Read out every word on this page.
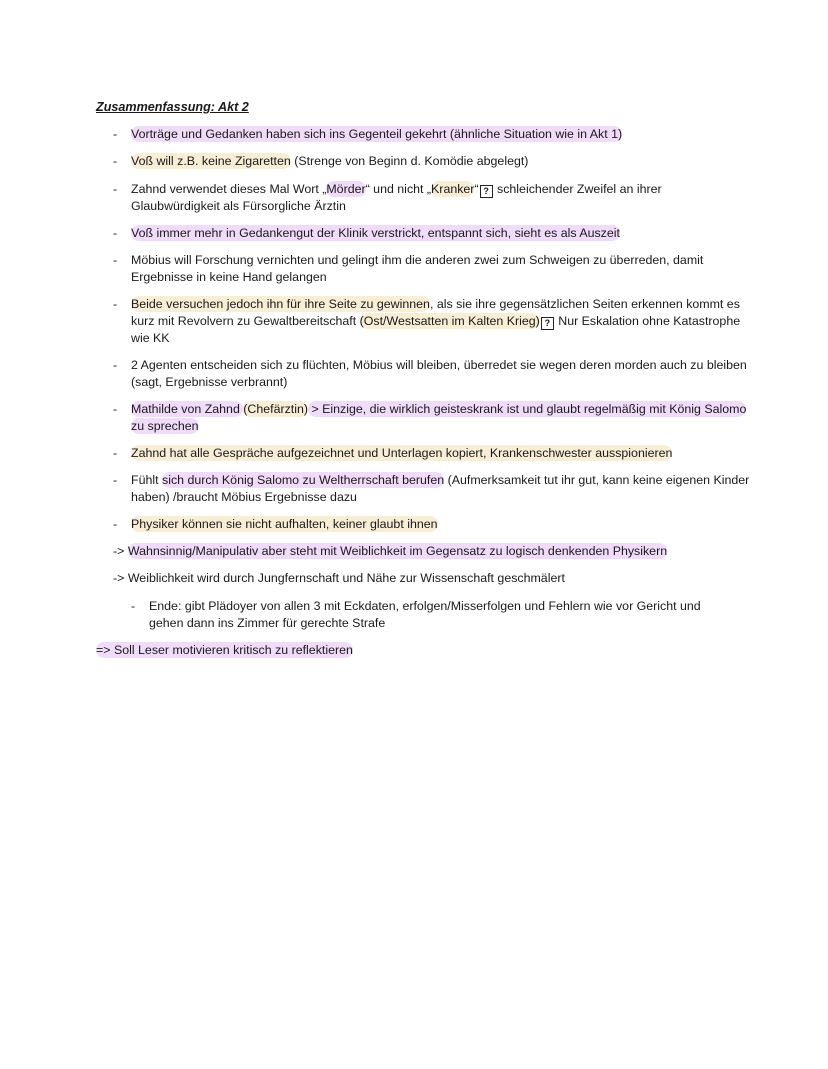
Zusammenfassung: Akt 2
- Vorträge und Gedanken haben sich ins Gegenteil gekehrt (ähnliche Situation wie in Akt 1)
- Voß will z.B. keine Zigaretten (Strenge von Beginn d. Komödie abgelegt)
- Zahnd verwendet dieses Mal Wort „Mörder“ und nicht „Kranker“ ? schleichender Zweifel an ihrer Glaubwürdigkeit als Fürsorgliche Ärztin
- Voß immer mehr in Gedankengut der Klinik verstrickt, entspannt sich, sieht es als Auszeit
- Möbius will Forschung vernichten und gelingt ihm die anderen zwei zum Schweigen zu überreden, damit Ergebnisse in keine Hand gelangen
- Beide versuchen jedoch ihn für ihre Seite zu gewinnen, als sie ihre gegensätzlichen Seiten erkennen kommt es kurz mit Revolvern zu Gewaltbereitschaft (Ost/Westsatten im Kalten Krieg) ? Nur Eskalation ohne Katastrophe wie KK
- 2 Agenten entscheiden sich zu flüchten, Möbius will bleiben, überredet sie wegen deren morden auch zu bleiben (sagt, Ergebnisse verbrannt)
- Mathilde von Zahnd (Chefärztin) > Einzige, die wirklich geisteskrank ist und glaubt regelmäßig mit König Salomo zu sprechen
- Zahnd hat alle Gespräche aufgezeichnet und Unterlagen kopiert, Krankenschwester ausspionieren
- Fühlt sich durch König Salomo zu Weltherrschaft berufen (Aufmerksamkeit tut ihr gut, kann keine eigenen Kinder haben) /braucht Möbius Ergebnisse dazu
- Physiker können sie nicht aufhalten, keiner glaubt ihnen
-> Wahnsinnig/Manipulativ aber steht mit Weiblichkeit im Gegensatz zu logisch denkenden Physikern
-> Weiblichkeit wird durch Jungfernschaft und Nähe zur Wissenschaft geschmälert
- Ende: gibt Plädoyer von allen 3 mit Eckdaten, erfolgen/Misserfolgen und Fehlern wie vor Gericht und gehen dann ins Zimmer für gerechte Strafe
=> Soll Leser motivieren kritisch zu reflektieren
